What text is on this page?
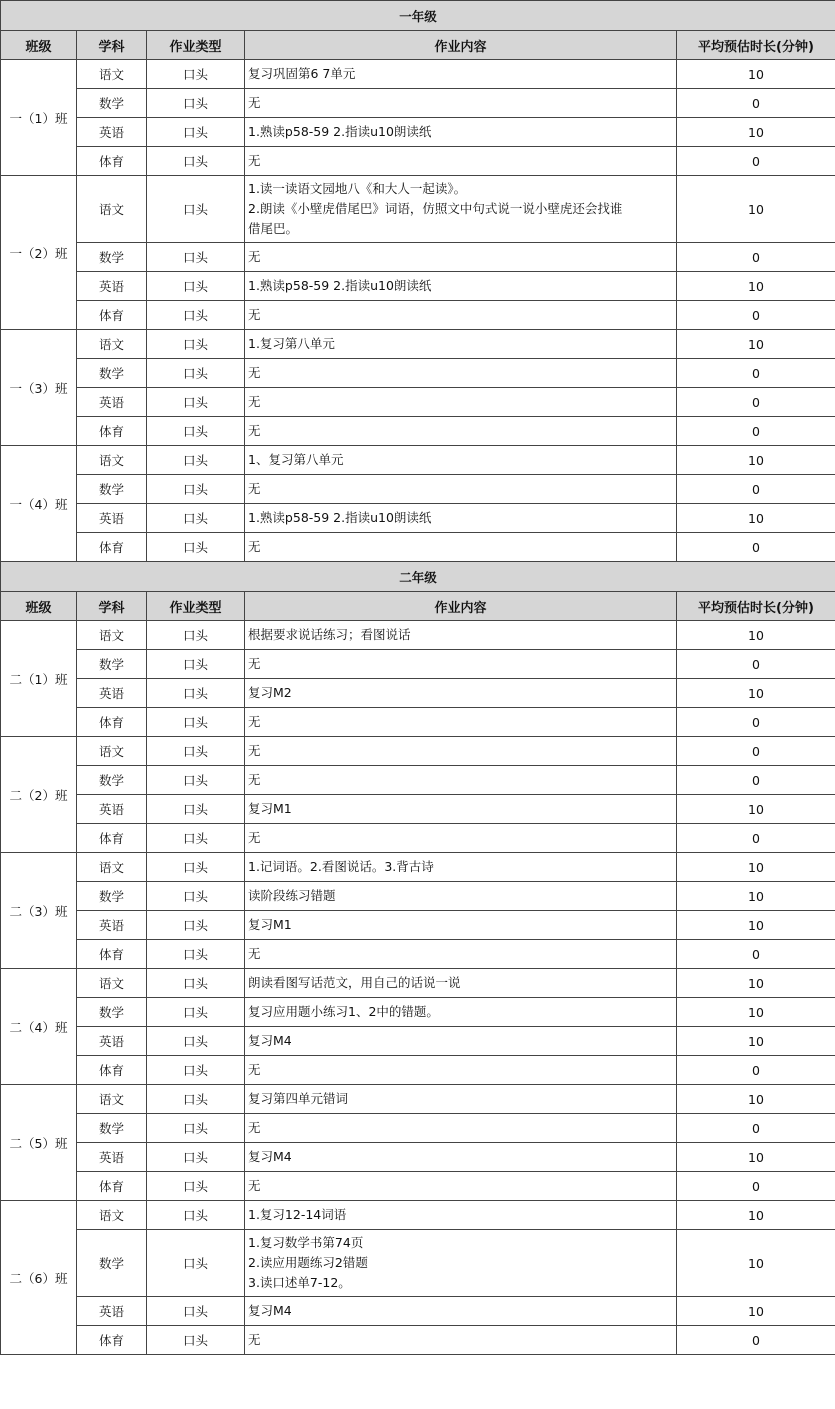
一年级				
班级	学科	作业类型	作业内容	平均预估时长(分钟)
一（1）班	语文	口头	复习巩固第6 7单元	10
	数学	口头	无	0
	英语	口头	1.熟读p58-59 2.指读u10朗读纸	10
	体育	口头	无	0
一（2）班	语文	口头	1.读一读语文园地八《和大人一起读》。
2.朗读《小壁虎借尾巴》词语，仿照文中句式说一说小壁虎还会找谁
借尾巴。	10
	数学	口头	无	0
	英语	口头	1.熟读p58-59 2.指读u10朗读纸	10
	体育	口头	无	0
一（3）班	语文	口头	1.复习第八单元	10
	数学	口头	无	0
	英语	口头	无	0
	体育	口头	无	0
一（4）班	语文	口头	1、复习第八单元	10
	数学	口头	无	0
	英语	口头	1.熟读p58-59 2.指读u10朗读纸	10
	体育	口头	无	0
二年级				
班级	学科	作业类型	作业内容	平均预估时长(分钟)
二（1）班	语文	口头	根据要求说话练习；看图说话	10
	数学	口头	无	0
	英语	口头	复习M2	10
	体育	口头	无	0
二（2）班	语文	口头	无	0
	数学	口头	无	0
	英语	口头	复习M1	10
	体育	口头	无	0
二（3）班	语文	口头	1.记词语。2.看图说话。3.背古诗	10
	数学	口头	读阶段练习错题	10
	英语	口头	复习M1	10
	体育	口头	无	0
二（4）班	语文	口头	朗读看图写话范文，用自己的话说一说	10
	数学	口头	复习应用题小练习1、2中的错题。	10
	英语	口头	复习M4	10
	体育	口头	无	0
二（5）班	语文	口头	复习第四单元错词	10
	数学	口头	无	0
	英语	口头	复习M4	10
	体育	口头	无	0
二（6）班	语文	口头	1.复习12-14词语	10
	数学	口头	1.复习数学书第74页
2.读应用题练习2错题
3.读口述单7-12。	10
	英语	口头	复习M4	10
	体育	口头	无	0
